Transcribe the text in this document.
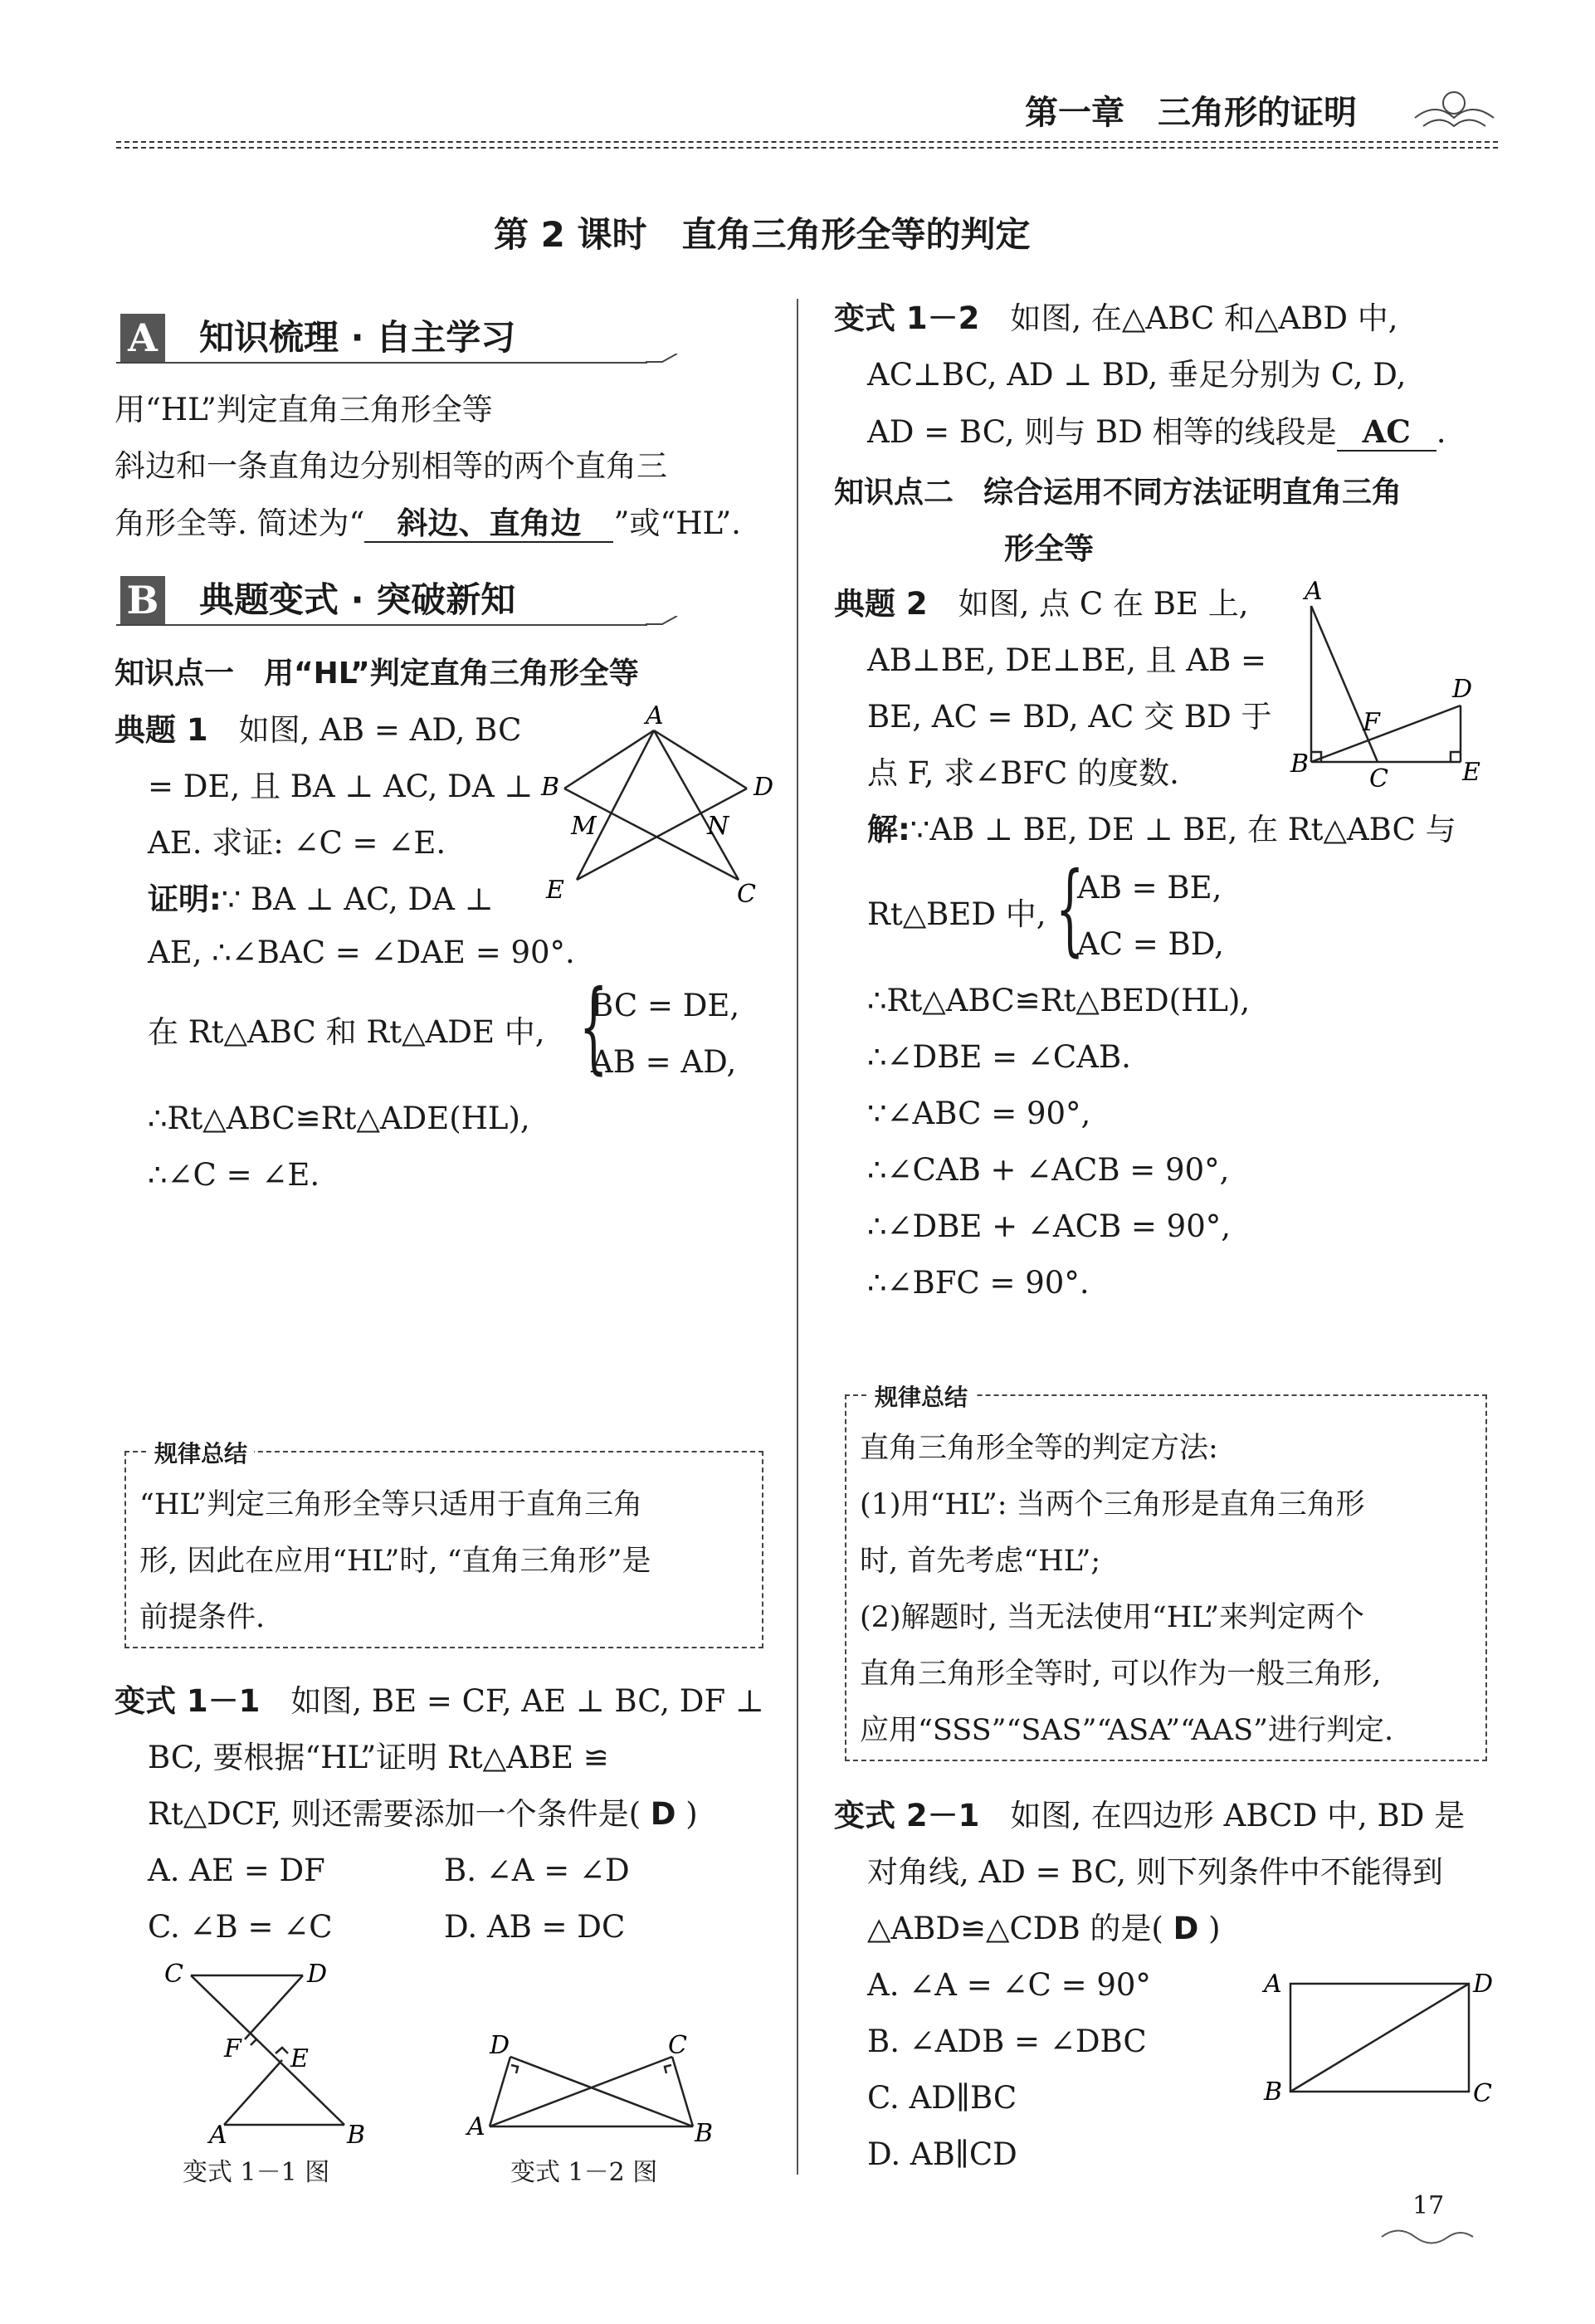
第一章　三角形的证明
第 2 课时　直角三角形全等的判定
A 知识梳理 · 自主学习
用“HL”判定直角三角形全等
斜边和一条直角边分别相等的两个直角三
角形全等. 简述为“ 斜边、直角边 ”或“HL”.
B 典题变式 · 突破新知
知识点一　用“HL”判定直角三角形全等
典题 1　 如图, AB = AD, BC
= DE, 且 BA ⊥ AC, DA ⊥
AE. 求证: ∠C = ∠E.
证明:∵ BA ⊥ AC, DA ⊥
AE, ∴∠BAC = ∠DAE = 90°.
在 Rt△ABC 和 Rt△ADE 中, {
BC = DE,
AB = AD,
∴Rt△ABC≌Rt△ADE(HL),
∴∠C = ∠E.
A
B	D
M	N
E	C
规律总结
“HL”判定三角形全等只适用于直角三角
形, 因此在应用“HL”时, “直角三角形”是
前提条件.
变式 1－1　 如图, BE = CF, AE ⊥ BC, DF ⊥
BC, 要根据“HL”证明 Rt△ABE ≌
Rt△DCF, 则还需要添加一个条件是( D )
A. AE = DF	B. ∠A = ∠D
C. ∠B = ∠C	D. AB = DC
C	D
F E
A	B
变式 1－1 图
D	C
A	B
变式 1－2 图
变式 1－2　 如图, 在△ABC 和△ABD 中,
AC⊥BC, AD ⊥ BD, 垂足分别为 C, D,
AD = BC, 则与 BD 相等的线段是 AC .
知识点二　综合运用不同方法证明直角三角
形全等
典题 2　 如图, 点 C 在 BE 上,
AB⊥BE, DE⊥BE, 且 AB =
BE, AC = BD, AC 交 BD 于
点 F, 求∠BFC 的度数.
A
D
F
B
C	E
解:∵AB ⊥ BE, DE ⊥ BE, 在 Rt△ABC 与
Rt△BED 中, {
AB = BE,
AC = BD,
∴Rt△ABC≌Rt△BED(HL),
∴∠DBE = ∠CAB.
∵∠ABC = 90°,
∴∠CAB + ∠ACB = 90°,
∴∠DBE + ∠ACB = 90°,
∴∠BFC = 90°.
规律总结
直角三角形全等的判定方法:
(1)用“HL”: 当两个三角形是直角三角形
时, 首先考虑“HL”;
(2)解题时, 当无法使用“HL”来判定两个
直角三角形全等时, 可以作为一般三角形,
应用“SSS”“SAS”“ASA”“AAS”进行判定.
变式 2－1　 如图, 在四边形 ABCD 中, BD 是
对角线, AD = BC, 则下列条件中不能得到
△ABD≌△CDB 的是( D )
A. ∠A = ∠C = 90°
B. ∠ADB = ∠DBC
C. AD∥BC
D. AB∥CD
A	D
B	C
17
